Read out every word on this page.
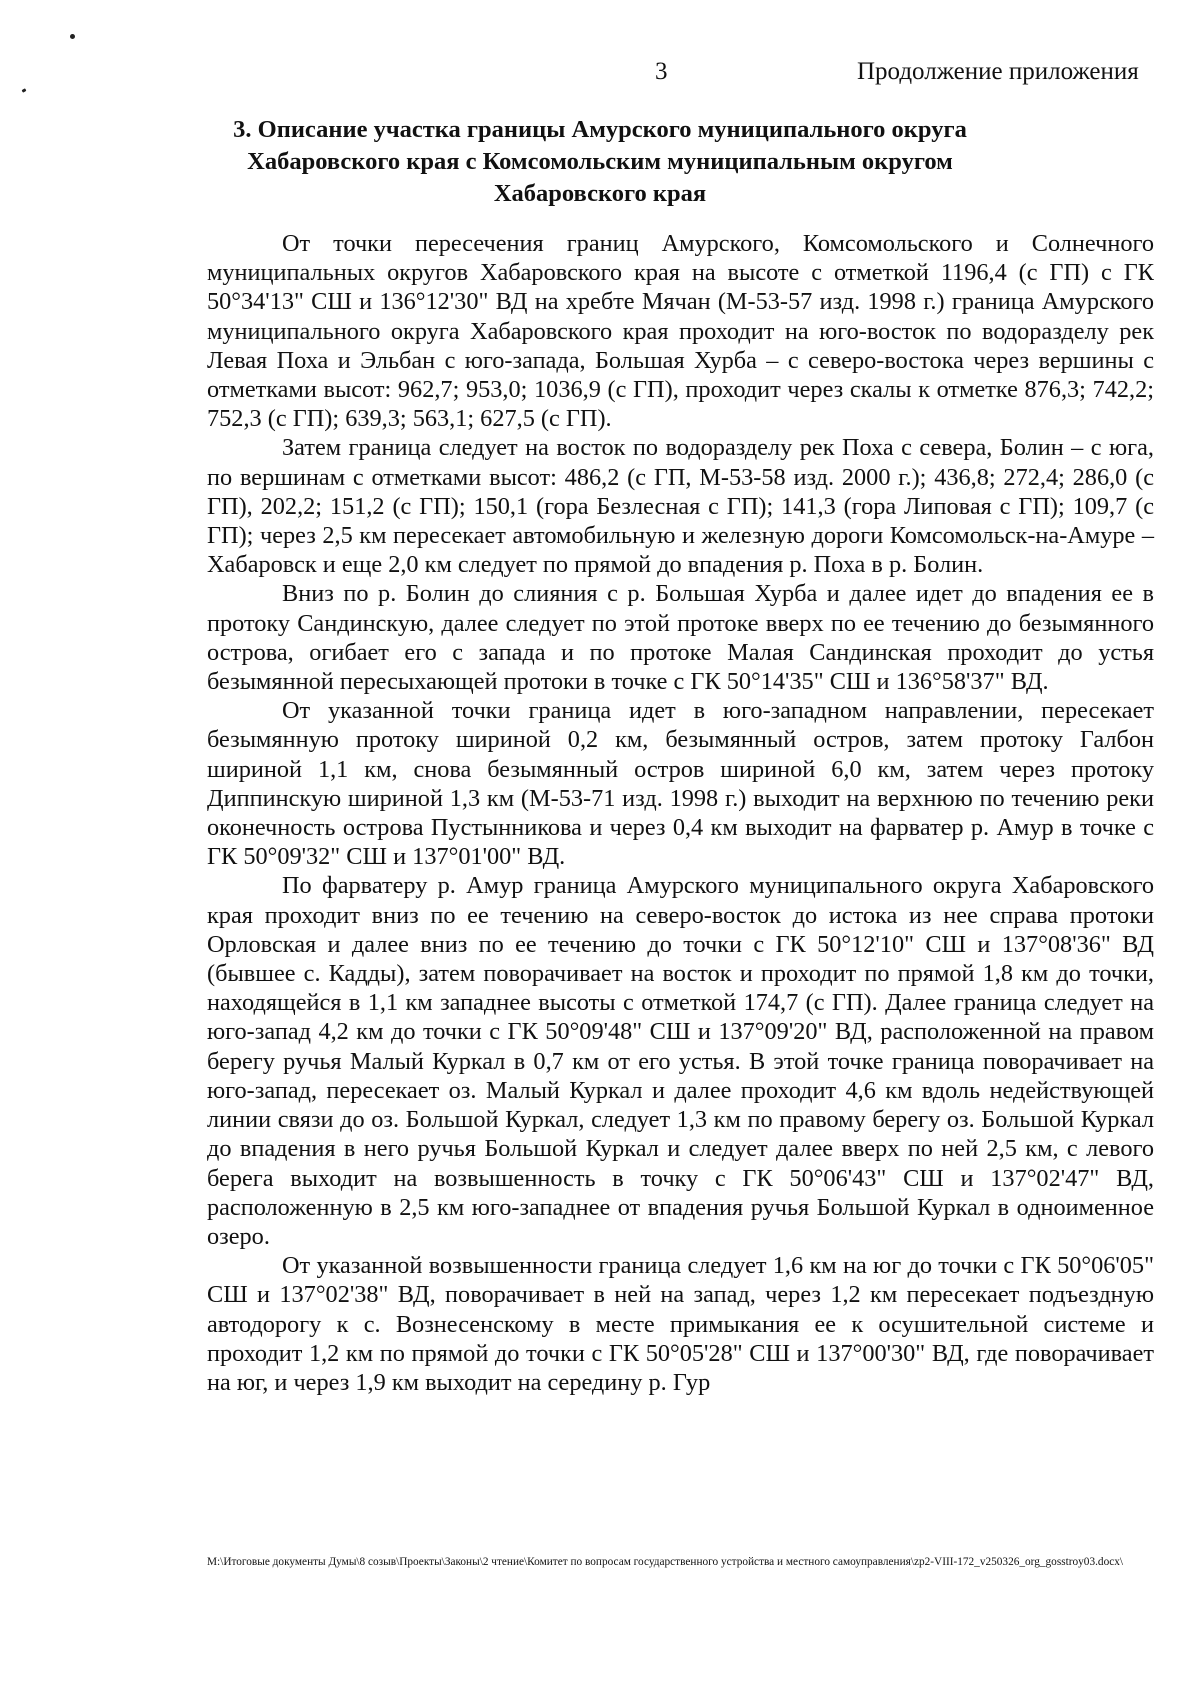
3	Продолжение приложения
3. Описание участка границы Амурского муниципального округа Хабаровского края с Комсомольским муниципальным округом Хабаровского края

От точки пересечения границ Амурского, Комсомольского и Солнечного муниципальных округов Хабаровского края на высоте с отметкой 1196,4 (с ГП) с ГК 50°34'13" СШ и 136°12'30" ВД на хребте Мячан (М-53-57 изд. 1998 г.) граница Амурского муниципального округа Хабаровского края проходит на юго-восток по водоразделу рек Левая Поха и Эльбан с юго-запада, Большая Хурба – с северо-востока через вершины с отметками высот: 962,7; 953,0; 1036,9 (с ГП), проходит через скалы к отметке 876,3; 742,2; 752,3 (с ГП); 639,3; 563,1; 627,5 (с ГП).

Затем граница следует на восток по водоразделу рек Поха с севера, Болин – с юга, по вершинам с отметками высот: 486,2 (с ГП, М-53-58 изд. 2000 г.); 436,8; 272,4; 286,0 (с ГП), 202,2; 151,2 (с ГП); 150,1 (гора Безлесная с ГП); 141,3 (гора Липовая с ГП); 109,7 (с ГП); через 2,5 км пересекает автомобильную и железную дороги Комсомольск-на-Амуре – Хабаровск и еще 2,0 км следует по прямой до впадения р. Поха в р. Болин.

Вниз по р. Болин до слияния с р. Большая Хурба и далее идет до впадения ее в протоку Сандинскую, далее следует по этой протоке вверх по ее течению до безымянного острова, огибает его с запада и по протоке Малая Сандинская проходит до устья безымянной пересыхающей протоки в точке с ГК 50°14'35" СШ и 136°58'37" ВД.

От указанной точки граница идет в юго-западном направлении, пересекает безымянную протоку шириной 0,2 км, безымянный остров, затем протоку Галбон шириной 1,1 км, снова безымянный остров шириной 6,0 км, затем через протоку Диппинскую шириной 1,3 км (М-53-71 изд. 1998 г.) выходит на верхнюю по течению реки оконечность острова Пустынникова и через 0,4 км выходит на фарватер р. Амур в точке с ГК 50°09'32" СШ и 137°01'00" ВД.

По фарватеру р. Амур граница Амурского муниципального округа Хабаровского края проходит вниз по ее течению на северо-восток до истока из нее справа протоки Орловская и далее вниз по ее течению до точки с ГК 50°12'10" СШ и 137°08'36" ВД (бывшее с. Кадды), затем поворачивает на восток и проходит по прямой 1,8 км до точки, находящейся в 1,1 км западнее высоты с отметкой 174,7 (с ГП). Далее граница следует на юго-запад 4,2 км до точки с ГК 50°09'48" СШ и 137°09'20" ВД, расположенной на правом берегу ручья Малый Куркал в 0,7 км от его устья. В этой точке граница поворачивает на юго-запад, пересекает оз. Малый Куркал и далее проходит 4,6 км вдоль недействующей линии связи до оз. Большой Куркал, следует 1,3 км по правому берегу оз. Большой Куркал до впадения в него ручья Большой Куркал и следует далее вверх по ней 2,5 км, с левого берега выходит на возвышенность в точку с ГК 50°06'43" СШ и 137°02'47" ВД, расположенную в 2,5 км юго-западнее от впадения ручья Большой Куркал в одноименное озеро.

От указанной возвышенности граница следует 1,6 км на юг до точки с ГК 50°06'05" СШ и 137°02'38" ВД, поворачивает в ней на запад, через 1,2 км пересекает подъездную автодорогу к с. Вознесенскому в месте примыкания ее к осушительной системе и проходит 1,2 км по прямой до точки с ГК 50°05'28" СШ и 137°00'30" ВД, где поворачивает на юг, и через 1,9 км выходит на середину р. Гур

M:\Итоговые документы Думы\8 созыв\Проекты\Законы\2 чтение\Комитет по вопросам государственного устройства и местного самоуправления\zp2-VIII-172_v250326_org_gosstroy03.docx\
